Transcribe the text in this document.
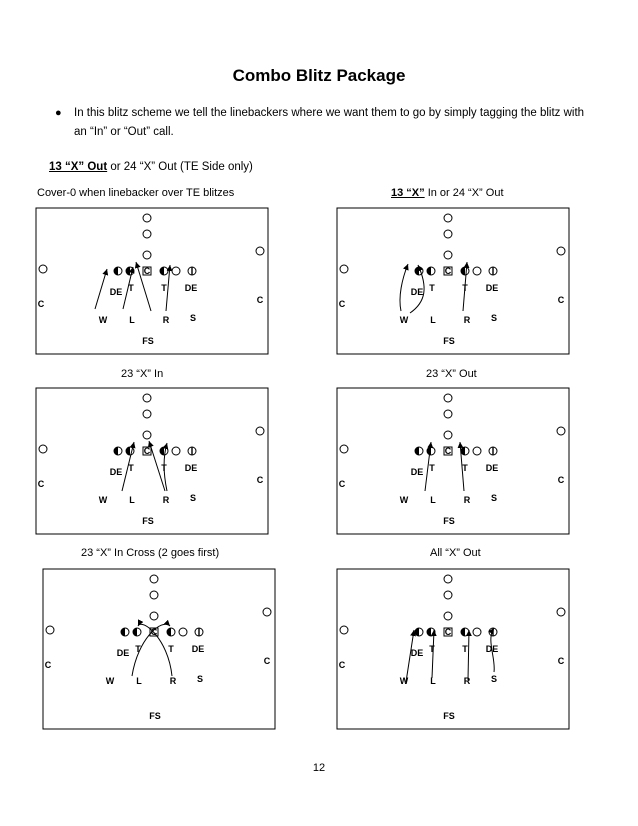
Combo Blitz Package
● In this blitz scheme we tell the linebackers where we want them to go by simply tagging the blitz with an “In” or “Out” call.
13 “X” Out or 24 “X” Out (TE Side only)
Cover-0 when linebacker over TE blitzes	13 “X” In or 24 “X” Out
23 “X” In	23 “X” Out
23 “X” In Cross (2 goes first)	All “X” Out
C
DE T	T DE
C	C
W L	R S
FS
C
DE T	T DE
C	C
W L	R S
FS
C
DE T	T DE
C	C
W L	R S
FS
C
DE T	T DE
C	C
W L	R S
FS
C
DE T	T DE
C	C
W L	R S
FS
C
DE T	T DE
C	C
W L	R S
FS
12
